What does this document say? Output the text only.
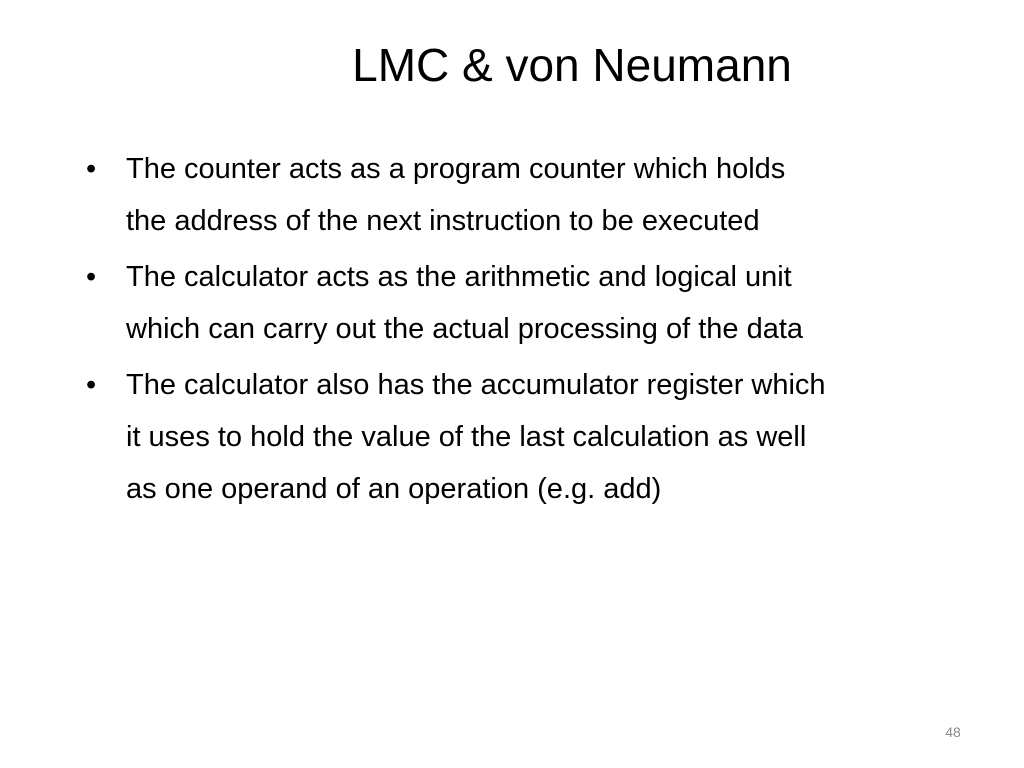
LMC & von Neumann
•	The counter acts as a program counter which holds
the address of the next instruction to be executed
•	The calculator acts as the arithmetic and logical unit
which can carry out the actual processing of the data
•	The calculator also has the accumulator register which
it uses to hold the value of the last calculation as well
as one operand of an operation (e.g. add)
48
